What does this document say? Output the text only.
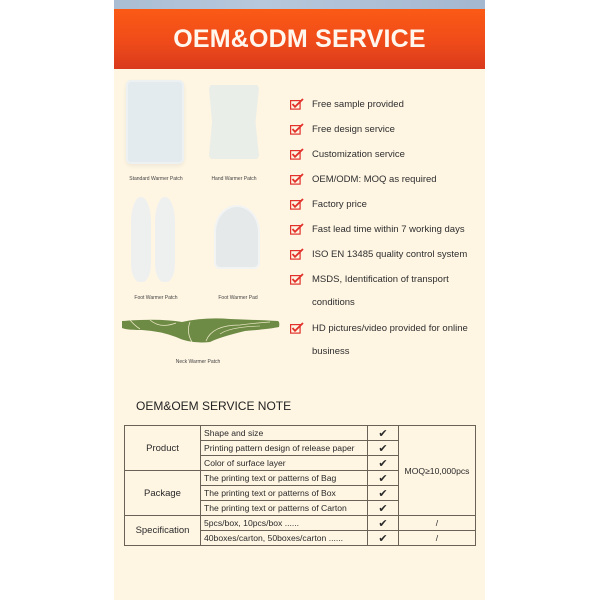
OEM&ODM SERVICE
Standard Warmer Patch	Hand Warmer Patch
Foot Warmer Patch	Foot Warmer Pad
Neck Warmer Patch
Free sample provided
Free design service
Customization service
OEM/ODM: MOQ as required
Factory price
Fast lead time within 7 working days
ISO EN 13485 quality control system
MSDS, Identification of transport
conditions
HD pictures/video provided for online
business
OEM&OEM SERVICE NOTE
Product	Shape and size	✔	MOQ≥10,000pcs
	Printing pattern design of release paper	✔	
	Color of surface layer	✔	
Package	The printing text or patterns of Bag	✔	
	The printing text or patterns of Box	✔	
	The printing text or patterns of Carton	✔	
Specification	5pcs/box, 10pcs/box ......	✔	/
	40boxes/carton, 50boxes/carton ......	✔	/
